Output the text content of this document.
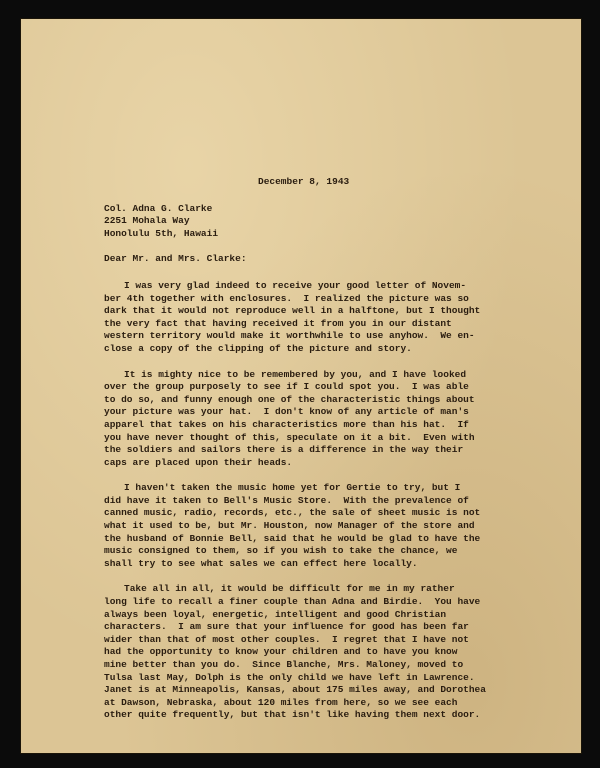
December 8, 1943
Col. Adna G. Clarke
2251 Mohala Way
Honolulu 5th, Hawaii
Dear Mr. and Mrs. Clarke:
I was very glad indeed to receive your good letter of Novem-
ber 4th together with enclosures.  I realized the picture was so
dark that it would not reproduce well in a halftone, but I thought
the very fact that having received it from you in our distant
western territory would make it worthwhile to use anyhow.  We en-
close a copy of the clipping of the picture and story.
It is mighty nice to be remembered by you, and I have looked
over the group purposely to see if I could spot you.  I was able
to do so, and funny enough one of the characteristic things about
your picture was your hat.  I don't know of any article of man's
apparel that takes on his characteristics more than his hat.  If
you have never thought of this, speculate on it a bit.  Even with
the soldiers and sailors there is a difference in the way their
caps are placed upon their heads.
I haven't taken the music home yet for Gertie to try, but I
did have it taken to Bell's Music Store.  With the prevalence of
canned music, radio, records, etc., the sale of sheet music is not
what it used to be, but Mr. Houston, now Manager of the store and
the husband of Bonnie Bell, said that he would be glad to have the
music consigned to them, so if you wish to take the chance, we
shall try to see what sales we can effect here locally.
Take all in all, it would be difficult for me in my rather
long life to recall a finer couple than Adna and Birdie.  You have
always been loyal, energetic, intelligent and good Christian
characters.  I am sure that your influence for good has been far
wider than that of most other couples.  I regret that I have not
had the opportunity to know your children and to have you know
mine better than you do.  Since Blanche, Mrs. Maloney, moved to
Tulsa last May, Dolph is the only child we have left in Lawrence.
Janet is at Minneapolis, Kansas, about 175 miles away, and Dorothea
at Dawson, Nebraska, about 120 miles from here, so we see each
other quite frequently, but that isn't like having them next door.
